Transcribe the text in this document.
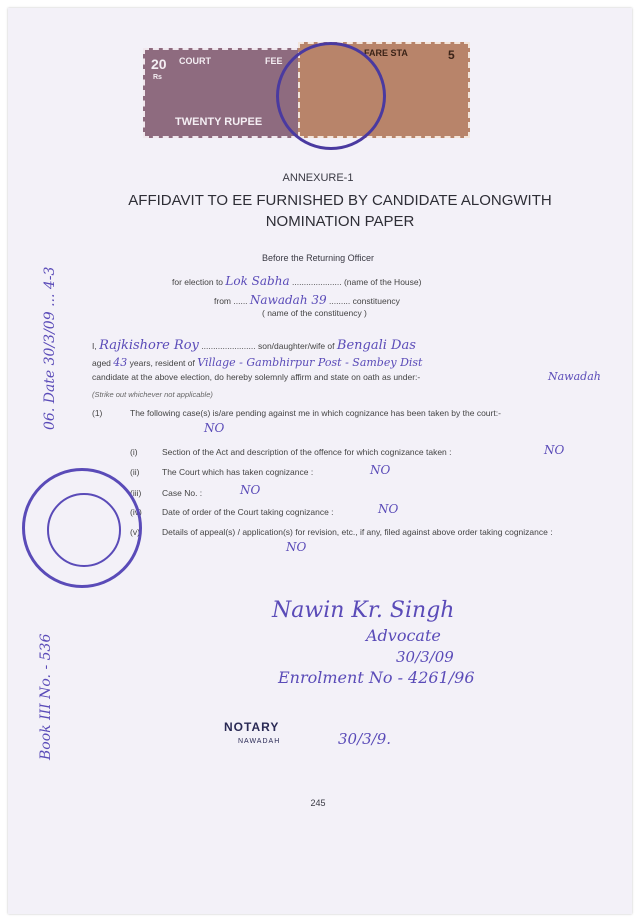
20
Rs
COURT	FEE
TWENTY RUPEE
FARE STA	5
ANNEXURE-1
AFFIDAVIT TO EE FURNISHED BY CANDIDATE ALONGWITH
NOMINATION PAPER
Before the Returning Officer
for election to Lok Sabha ..................... (name of the House)
from ...... Nawadah 39 ......... constituency
( name of the constituency )
I, Rajkishore Roy ....................... son/daughter/wife of Bengali Das
aged 43 years, resident of Village - Gambhirpur Post - Sambey Dist
candidate at the above election, do hereby solemnly affirm and state on oath as under:-	Nawadah
(Strike out whichever not applicable)
(1)	The following case(s) is/are pending against me in which cognizance has been taken by the court:-
NO
(i)	Section of the Act and description of the offence for which cognizance taken :	NO
(ii)	The Court which has taken cognizance :	NO
(iii) Case No. :	NO
(iv) Date of order of the Court taking cognizance :	NO
(v)	Details of appeal(s) / application(s) for revision, etc., if any, filed against above order taking cognizance :
NO
Nawin Kr. Singh
Advocate
30/3/09
Enrolment No - 4261/96
NOTARY
NAWADAH	30/3/9.
06. Date 30/3/09 ... 4-3
Book III No. - 536
245
